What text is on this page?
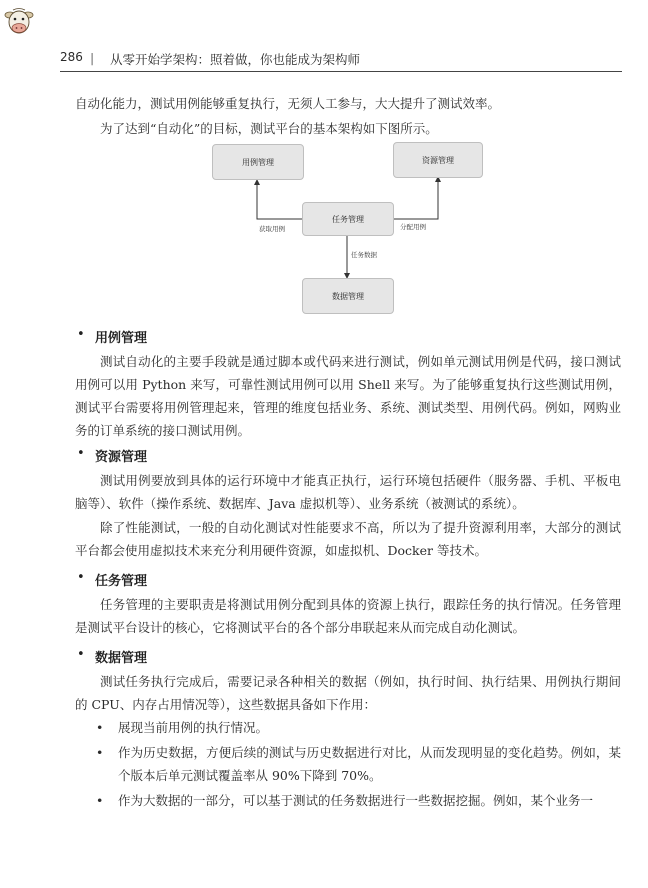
286 | 从零开始学架构：照着做，你也能成为架构师

自动化能力，测试用例能够重复执行，无须人工参与，大大提升了测试效率。

为了达到“自动化”的目标，测试平台的基本架构如下图所示。

用例管理	资源管理
任务管理
数据管理
获取用例	分配用例
任务数据
• 用例管理

测试自动化的主要手段就是通过脚本或代码来进行测试，例如单元测试用例是代码，接口测试用例可以用 Python 来写，可靠性测试用例可以用 Shell 来写。为了能够重复执行这些测试用例，测试平台需要将用例管理起来，管理的维度包括业务、系统、测试类型、用例代码。例如，网购业务的订单系统的接口测试用例。

• 资源管理

测试用例要放到具体的运行环境中才能真正执行，运行环境包括硬件（服务器、手机、平板电脑等）、软件（操作系统、数据库、Java 虚拟机等）、业务系统（被测试的系统）。

除了性能测试，一般的自动化测试对性能要求不高，所以为了提升资源利用率，大部分的测试平台都会使用虚拟技术来充分利用硬件资源，如虚拟机、Docker 等技术。

• 任务管理

任务管理的主要职责是将测试用例分配到具体的资源上执行，跟踪任务的执行情况。任务管理是测试平台设计的核心，它将测试平台的各个部分串联起来从而完成自动化测试。

• 数据管理

测试任务执行完成后，需要记录各种相关的数据（例如，执行时间、执行结果、用例执行期间的 CPU、内存占用情况等），这些数据具备如下作用：

• 展现当前用例的执行情况。

• 作为历史数据，方便后续的测试与历史数据进行对比，从而发现明显的变化趋势。例如，某个版本后单元测试覆盖率从 90%下降到 70%。

• 作为大数据的一部分，可以基于测试的任务数据进行一些数据挖掘。例如，某个业务一
